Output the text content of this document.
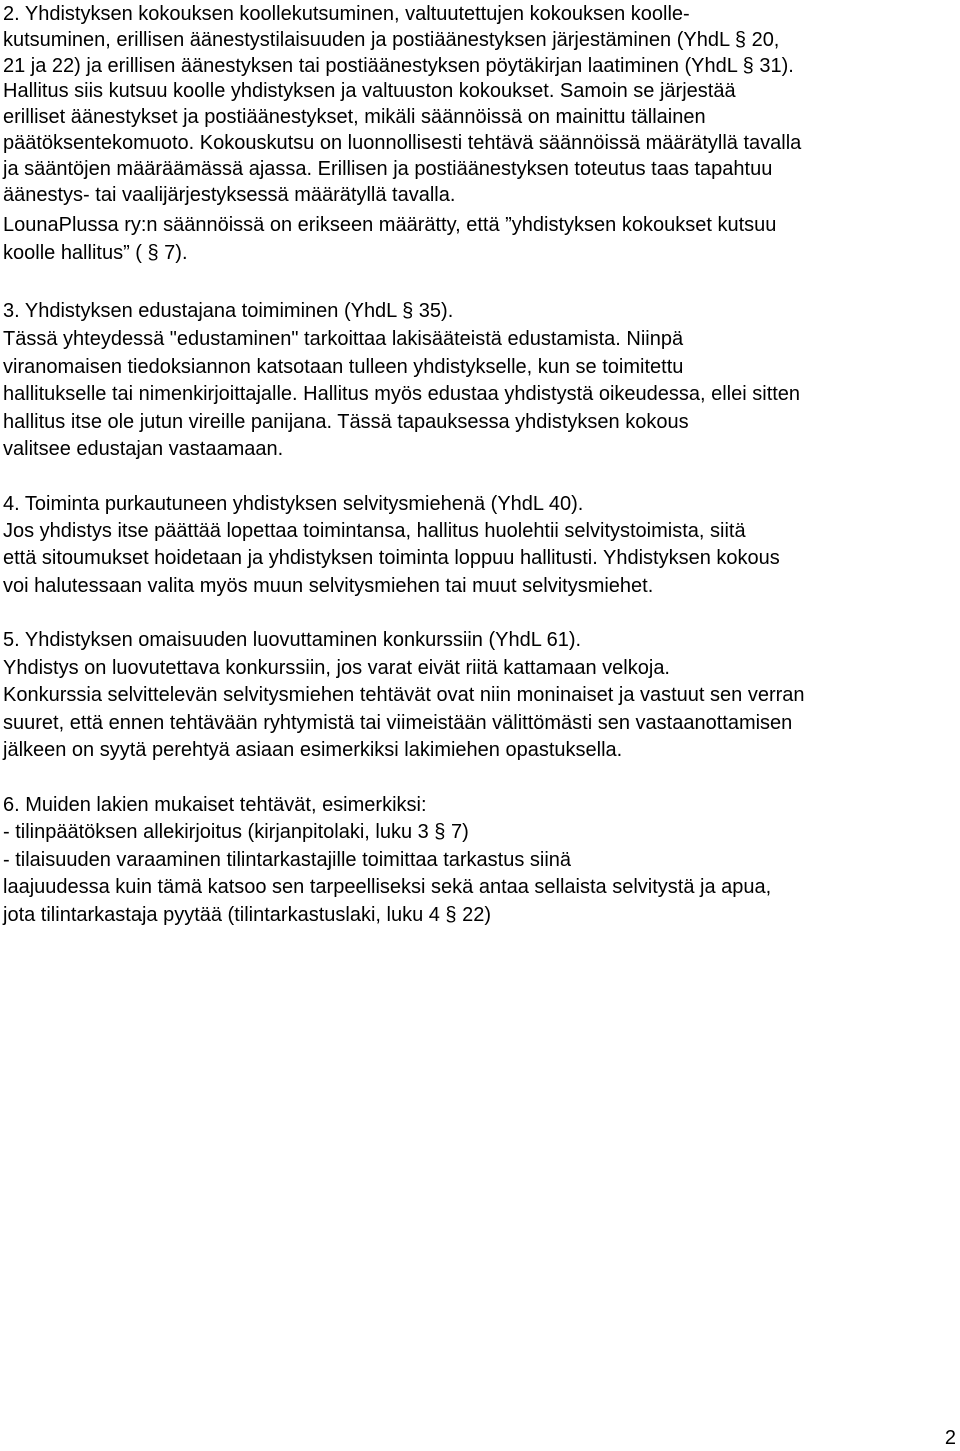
2. Yhdistyksen kokouksen koollekutsuminen, valtuutettujen kokouksen koolle-
kutsuminen, erillisen äänestystilaisuuden ja postiäänestyksen järjestäminen (YhdL § 20,
21 ja 22) ja erillisen äänestyksen tai postiäänestyksen pöytäkirjan laatiminen (YhdL § 31).
Hallitus siis kutsuu koolle yhdistyksen ja valtuuston kokoukset. Samoin se järjestää
erilliset äänestykset ja postiäänestykset, mikäli säännöissä on mainittu tällainen
päätöksentekomuoto. Kokouskutsu on luonnollisesti tehtävä säännöissä määrätyllä tavalla
ja sääntöjen määräämässä ajassa. Erillisen ja postiäänestyksen toteutus taas tapahtuu
äänestys- tai vaalijärjestyksessä määrätyllä tavalla.
LounaPlussa ry:n säännöissä on erikseen määrätty, että ”yhdistyksen kokoukset kutsuu
koolle hallitus” ( § 7).
3. Yhdistyksen edustajana toimiminen (YhdL § 35).
Tässä yhteydessä "edustaminen" tarkoittaa lakisääteistä edustamista. Niinpä
viranomaisen tiedoksiannon katsotaan tulleen yhdistykselle, kun se toimitettu
hallitukselle tai nimenkirjoittajalle. Hallitus myös edustaa yhdistystä oikeudessa, ellei sitten
hallitus itse ole jutun vireille panijana. Tässä tapauksessa yhdistyksen kokous
valitsee edustajan vastaamaan.
4. Toiminta purkautuneen yhdistyksen selvitysmiehenä (YhdL 40).
Jos yhdistys itse päättää lopettaa toimintansa, hallitus huolehtii selvitystoimista, siitä
että sitoumukset hoidetaan ja yhdistyksen toiminta loppuu hallitusti. Yhdistyksen kokous
voi halutessaan valita myös muun selvitysmiehen tai muut selvitysmiehet.
5. Yhdistyksen omaisuuden luovuttaminen konkurssiin (YhdL 61).
Yhdistys on luovutettava konkurssiin, jos varat eivät riitä kattamaan velkoja.
Konkurssia selvittelevän selvitysmiehen tehtävät ovat niin moninaiset ja vastuut sen verran
suuret, että ennen tehtävään ryhtymistä tai viimeistään välittömästi sen vastaanottamisen
jälkeen on syytä perehtyä asiaan esimerkiksi lakimiehen opastuksella.
6. Muiden lakien mukaiset tehtävät, esimerkiksi:
- tilinpäätöksen allekirjoitus (kirjanpitolaki, luku 3 § 7)
- tilaisuuden varaaminen tilintarkastajille toimittaa tarkastus siinä
laajuudessa kuin tämä katsoo sen tarpeelliseksi sekä antaa sellaista selvitystä ja apua,
jota tilintarkastaja pyytää (tilintarkastuslaki, luku 4 § 22)
2
